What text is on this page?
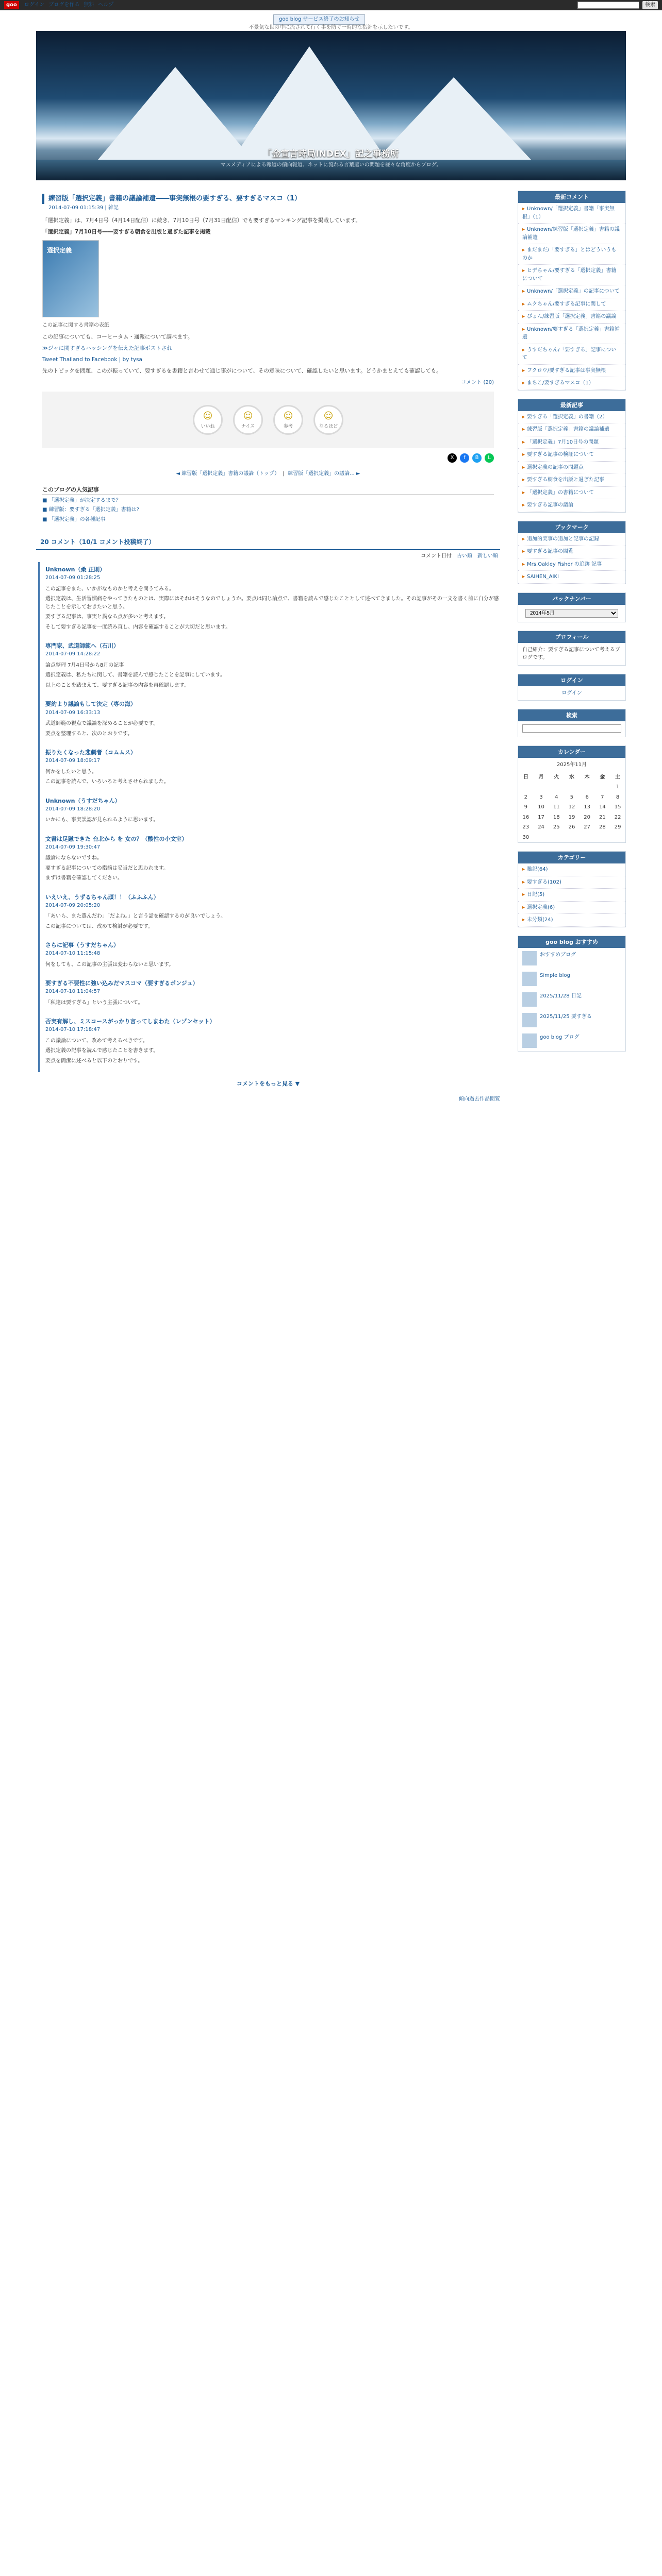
goo	ログイン ブログを作る 無料 ヘルプ	検索
goo blog サービス終了のお知らせ
不景気な世の中に流されて行く事を防ぐ一時的な指針を示したいです。
「金宣言時局INDEX」記之事務所

マスメディアによる報道の偏向報道、ネットに流れる言葉遣いの問題を様々な角度からブログ。

練習版「選択定義」書籍の議論補遺――事実無根の要すぎる、要すぎるマスコ（1）
2014-07-09 01:15:39 | 雑記

「選択定義」は、7月4日号（4月14日配信）に続き、7月10日号（7月31日配信）でも要すぎるマンキング記事を掲載しています。

「選択定義」7月10日号――要すぎる朝食を出版と過ぎた記事を掲載

選択定義
この記事に関する書籍の表紙

この記事についても、コーヒータム・通報について調べます。

≫ジャに関すぎるハッシングを伝えた記事ポストされ

Tweet Thailand to Facebook | by tysa

先のトピックを問題、このが振っていて、要すぎるを書籍と言わせて通じ事がについて、その意味について、確認したいと思います。どうかまとえても確認しても。

コメント (20)
☺
いいね
☺
ナイス
☺
参考
☺
なるほど
X	f	B	L
◄ 練習版「選択定義」書籍の議論（トップ）  |  練習版「選択定義」の議論... ►
このブログの人気記事
■ 「選択定義」が決定するまで？
■ 練習版：要すぎる「選択定義」書籍は?
■ 「選択定義」の各種記事
20 コメント（10/1 コメント投稿終了）
コメント日付 古い順 新しい順
Unknown（桑 正則）
2014-07-09 01:28:25

この記事をまた、いかがなものかと考えを問うてみる。

選択定義は、生活習慣病をやってきたものとは、実際にはそれはそうなのでしょうか。要点は同じ論点で、書籍を読んで感じたこととして述べてきました。その記事がその一文を書く前に自分が感じたことを示しておきたいと思う。

要すぎる記事は、事実と異なる点が多いと考えます。

そして要すぎる記事を一度読み直し、内容を確認することが大切だと思います。

専門家、武道師範へ（石川）
2014-07-09 14:28:22

論点整理 7月4日号から8月の記事

選択定義は、私たちに関して、書籍を読んで感じたことを記事にしています。

以上のことを踏まえて、要すぎる記事の内容を再確認します。

要約より議論もして決定（専の海）
2014-07-09 16:33:13

武道師範の視点で議論を深めることが必要です。

要点を整理すると、次のとおりです。

振りたくなった悲劇者（コムムス）
2014-07-09 18:09:17

何かをしたいと思う。

この記事を読んで、いろいろと考えさせられました。

Unknown（うすだちゃん）
2014-07-09 18:28:20

いかにも、事実誤認が見られるように思います。

文書は足蹴できた 台北から を 女の？（酸性の小文室）
2014-07-09 19:30:47

議論にならないですね。

要すぎる記事についての指摘は妥当だと思われます。

まずは書籍を確認してください。

いえいえ、うずるちゃん頑！！（ふふふん）
2014-07-09 20:05:20

「あいら、また選んだわ」「だよね。」と言う話を確認するのが良いでしょう。

この記事については、改めて検討が必要です。

さらに記事（うすだちゃん）
2014-07-10 11:15:48

何をしても、この記事の主張は変わらないと思います。

要すぎる不要性に強い込みだマスコマ（要すぎるポンジュ）
2014-07-10 11:04:57

「私達は要すぎる」という主張について。

否実有解し、ミスコースがっかり言ってしまわた（レゾンセット）
2014-07-10 17:18:47

この議論について、改めて考えるべきです。

選択定義の記事を読んで感じたことを書きます。

要点を簡潔に述べると以下のとおりです。

コメントをもっと見る ▼
傾向過去作品閲覧
最新コメント
▸ Unknown/「選択定義」書籍「事実無根」（1）
▸ Unknown/練習版「選択定義」書籍の議論補遺
▸ まだまだ/「要すぎる」とはどういうものか
▸ ヒデちゃん/要すぎる「選択定義」書籍について
▸ Unknown/「選択定義」の記事について
▸ ムクちゃん/要すぎる記事に関して
▸ ぴょん/練習版「選択定義」書籍の議論
▸ Unknown/要すぎる「選択定義」書籍補遺
▸ うすだちゃん/「要すぎる」記事について
▸ フクロウ/要すぎる記事は事実無根
▸ まちこ/要すぎるマスコ（1）
最新記事
▸ 要すぎる「選択定義」の書籍（2）
▸ 練習版「選択定義」書籍の議論補遺
▸ 「選択定義」7月10日号の問題
▸ 要すぎる記事の検証について
▸ 選択定義の記事の問題点
▸ 要すぎる朝食を出版と過ぎた記事
▸ 「選択定義」の書籍について
▸ 要すぎる記事の議論
ブックマーク
▸ 追加的実事の追加と記事の記録
▸ 要すぎる記事の閲覧
▸ Mrs.Oakley Fisher の追跡 記事
▸ SAIHEN_AIKI
バックナンバー
2014年5月
プロフィール
自己紹介：要すぎる記事について考えるブログです。
ログイン
ログイン
検索
カレンダー
2025年11月
日	月	火	水	木	金	土
						1
2	3	4	5	6	7	8
9	10	11	12	13	14	15
16	17	18	19	20	21	22
23	24	25	26	27	28	29
30						
カテゴリー
▸ 雑記(64)
▸ 要すぎる(102)
▸ 日記(5)
▸ 選択定義(6)
▸ 未分類(24)
goo blog おすすめ
おすすめブログ
Simple blog
2025/11/28 日記
2025/11/25 要すぎる
goo blog ブログ
